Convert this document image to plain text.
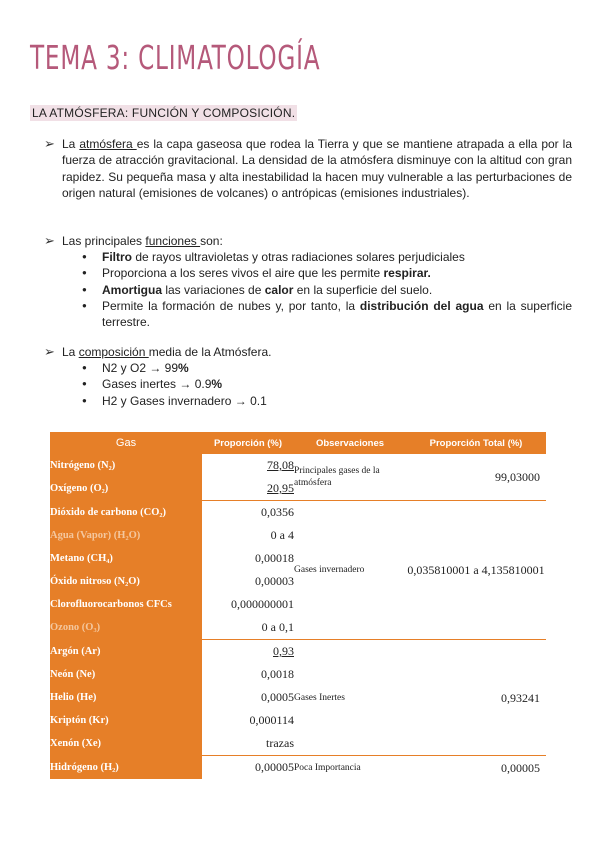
TEMA 3: CLIMATOLOGÍA
LA ATMÓSFERA: FUNCIÓN Y COMPOSICIÓN.
➢ La atmósfera es la capa gaseosa que rodea la Tierra y que se mantiene atrapada a ella por la fuerza de atracción gravitacional. La densidad de la atmósfera disminuye con la altitud con gran rapidez. Su pequeña masa y alta inestabilidad la hacen muy vulnerable a las perturbaciones de origen natural (emisiones de volcanes) o antrópicas (emisiones industriales).
➢ Las principales funciones son:
● Filtro de rayos ultravioletas y otras radiaciones solares perjudiciales
● Proporciona a los seres vivos el aire que les permite respirar.
● Amortigua las variaciones de calor en la superficie del suelo.
● Permite la formación de nubes y, por tanto, la distribución del agua en la superficie terrestre.
➢ La composición media de la Atmósfera.
● N2 y O2 → 99%
● Gases inertes → 0.9%
● H2 y Gases invernadero → 0.1
Gas	Proporción (%)	Observaciones	Proporción Total (%)
Nitrógeno (N₂)	78,08	Principales gases de la atmósfera	99,03000
Oxígeno (O₂)	20,95		
Dióxido de carbono (CO₂)	0,0356	Gases invernadero	0,035810001 a 4,135810001
Agua (Vapor) (H₂O)	0 a 4		
Metano (CH₄)	0,00018		
Óxido nitroso (N₂O)	0,00003		
Clorofluorocarbonos CFCs	0,000000001		
Ozono (O₃)	0 a 0,1		
Argón (Ar)	0,93	Gases Inertes	0,93241
Neón (Ne)	0,0018		
Helio (He)	0,0005		
Kriptón (Kr)	0,000114		
Xenón (Xe)	trazas		
Hidrógeno (H₂)	0,00005	Poca Importancia	0,00005
